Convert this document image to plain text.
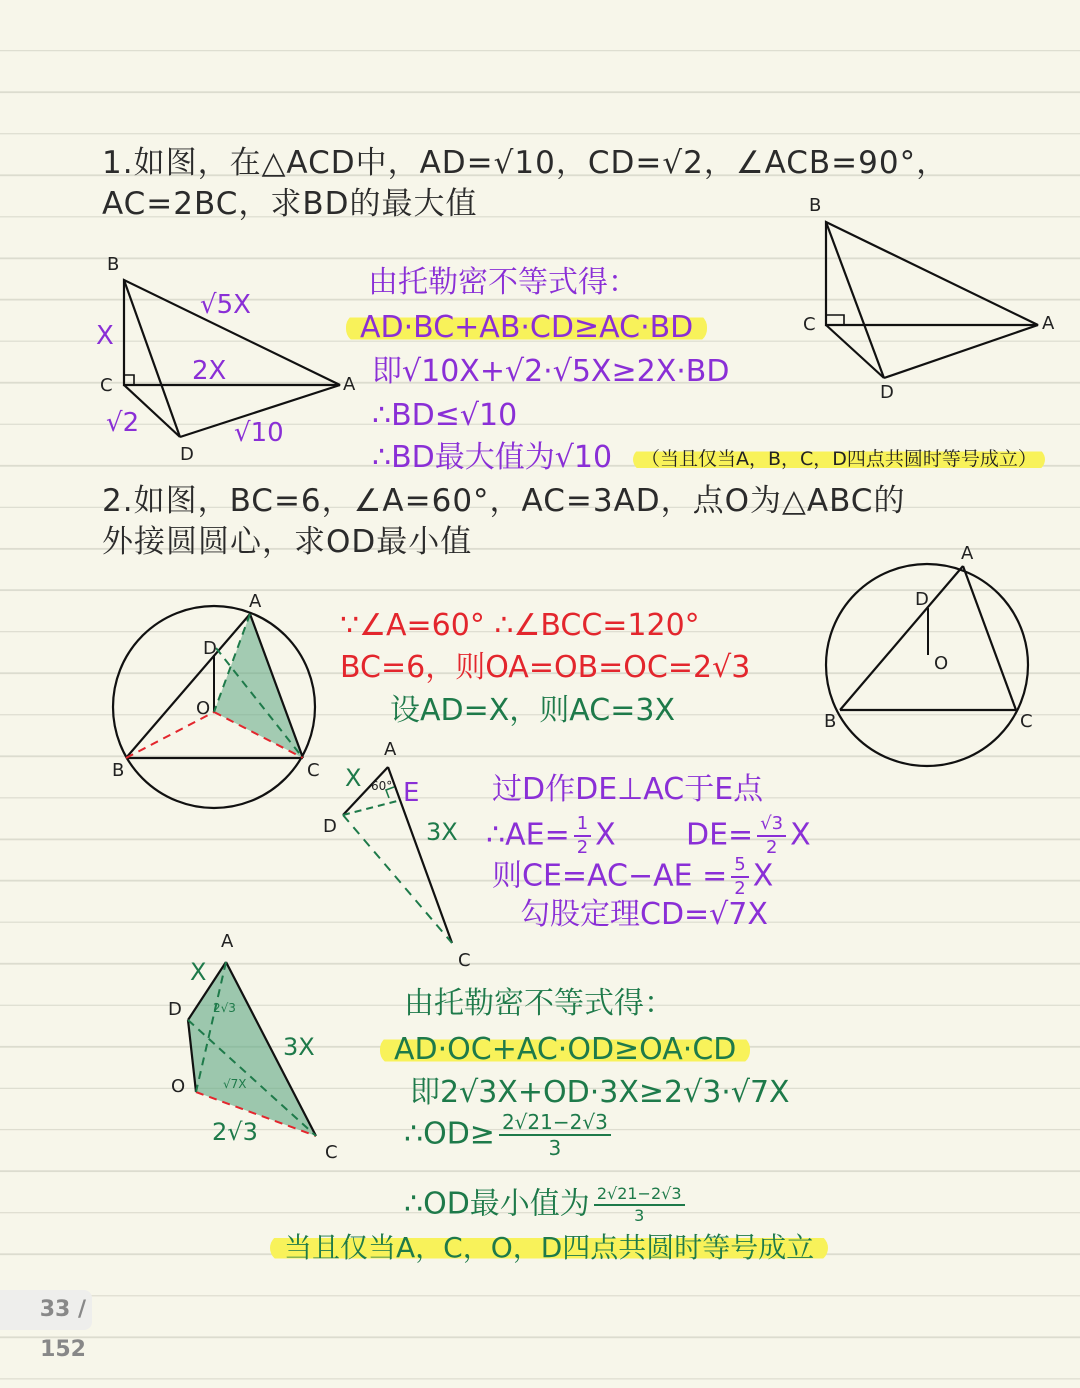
1.如图，在△ACD中，AD=√10，CD=√2，∠ACB=90°，
AC=2BC，求BD的最大值
B
C	A
D
X
2X
√5X
√2	√10
B
C	A
D
由托勒密不等式得：
AD·BC+AB·CD≥AC·BD
即√10X+√2·√5X≥2X·BD
∴BD≤√10
∴BD最大值为√10	（当且仅当A，B，C，D四点共圆时等号成立）
2.如图，BC=6，∠A=60°，AC=3AD，点O为△ABC的
外接圆圆心，求OD最小值
A
D
O
B	C
A
D
O
B	C
A
D
C
E
60°
X
3X
A
D
O
C
X
3X
2√3
2√3
√7X
∵∠A=60° ∴∠BCC=120°
BC=6，则OA=OB=OC=2√3
设AD=X，则AC=3X
过D作DE⊥AC于E点
∴AE= $\frac{1}{2}$ X $DE= \frac{√3}{2}$ X
则$CE=AC-AE = \frac{5}{2}$ X
勾股定理CD=√7X
由托勒密不等式得：
AD·OC+AC·OD≥OA·CD
即2√3X+OD·3X≥2√3·√7X
∴OD≥ $\frac{2√21-2√3}{3}$
∴OD最小值为 $\frac{2√21-2√3}{3}$
当且仅当A，C，O，D四点共圆时等号成立
33 / 152
